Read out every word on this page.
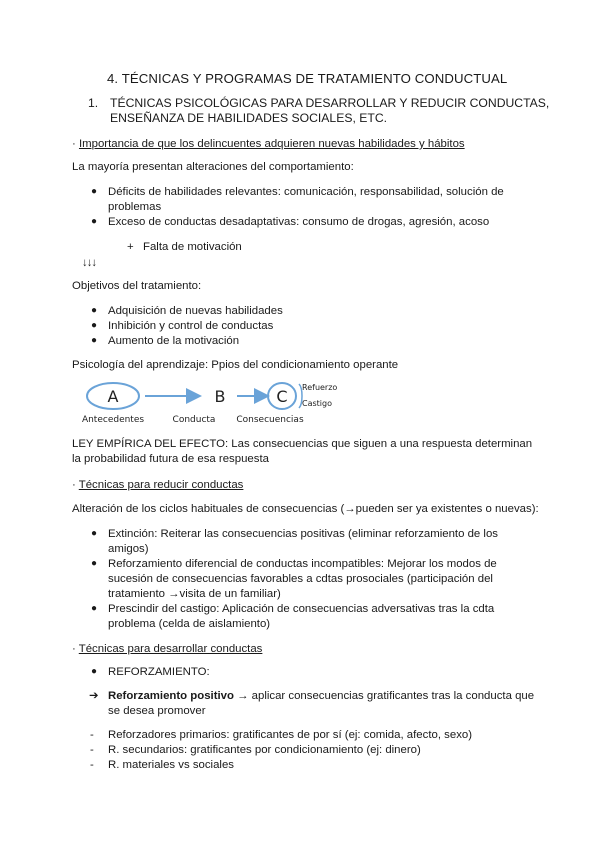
4. TÉCNICAS Y PROGRAMAS DE TRATAMIENTO CONDUCTUAL
1. TÉCNICAS PSICOLÓGICAS PARA DESARROLLAR Y REDUCIR CONDUCTAS,
ENSEÑANZA DE HABILIDADES SOCIALES, ETC.
· Importancia de que los delincuentes adquieren nuevas habilidades y hábitos
La mayoría presentan alteraciones del comportamiento:
● Déficits de habilidades relevantes: comunicación, responsabilidad, solución de
problemas
● Exceso de conductas desadaptativas: consumo de drogas, agresión, acoso
+ Falta de motivación
↓↓↓
Objetivos del tratamiento:
● Adquisición de nuevas habilidades
● Inhibición y control de conductas
● Aumento de la motivación
Psicología del aprendizaje: Ppios del condicionamiento operante
A	B	C Refuerzo
Castigo
Antecedentes	Conducta Consecuencias
LEY EMPÍRICA DEL EFECTO: Las consecuencias que siguen a una respuesta determinan
la probabilidad futura de esa respuesta
· Técnicas para reducir conductas
Alteración de los ciclos habituales de consecuencias (→pueden ser ya existentes o nuevas):
● Extinción: Reiterar las consecuencias positivas (eliminar reforzamiento de los
amigos)
● Reforzamiento diferencial de conductas incompatibles: Mejorar los modos de
sucesión de consecuencias favorables a cdtas prosociales (participación del
tratamiento →visita de un familiar)
● Prescindir del castigo: Aplicación de consecuencias adversativas tras la cdta
problema (celda de aislamiento)
· Técnicas para desarrollar conductas
● REFORZAMIENTO:
➔ Reforzamiento positivo → aplicar consecuencias gratificantes tras la conducta que
se desea promover
- Reforzadores primarios: gratificantes de por sí (ej: comida, afecto, sexo)
- R. secundarios: gratificantes por condicionamiento (ej: dinero)
- R. materiales vs sociales
